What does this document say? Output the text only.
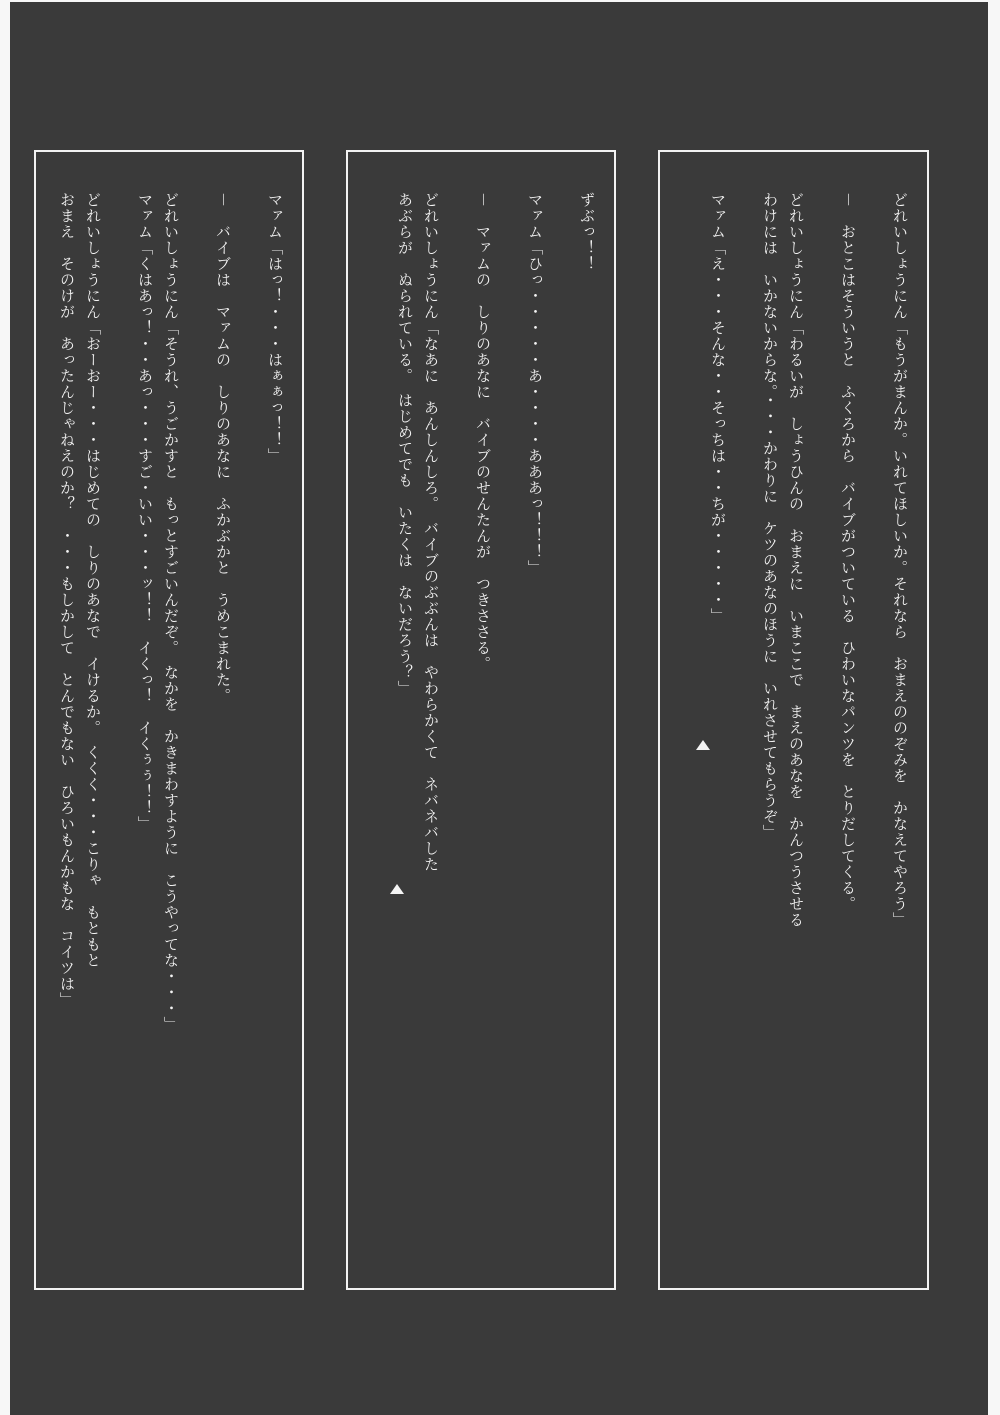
どれいしょうにん「もうがまんか。いれてほしいか。それなら　おまえののぞみを　かなえてやろう」
－　おとこはそういうと　ふくろから　バイブがついている　ひわいなパンツを　とりだしてくる。
どれいしょうにん「わるいが　しょうひんの　おまえに　いまここで　まえのあなを　かんつうさせる
わけには　いかないからな。・・・かわりに　ケツのあなのほうに　いれさせてもらうぞ」
マァム「え・・・そんな・・そっちは・・ちが・・・・・」
ずぶっ！！
マァム「ひっ・・・・・あ・・・・あああっ！！！」
－　マァムの　しりのあなに　バイブのせんたんが　つきささる。
どれいしょうにん「なあに　あんしんしろ。　バイブのぶぶんは　やわらかくて　ネバネバした
あぶらが　ぬられている。　はじめてでも　いたくは　ないだろう？」
マァム「はっ！・・・はぁぁっ！！」
－　バイブは　マァムの　しりのあなに　ふかぶかと　うめこまれた。
どれいしょうにん「そうれ、うごかすと　もっとすごいんだぞ。　なかを　かきまわすように　こうやってな・・・」
マァム「くはあっ！・・あっ・・・すご・いい・・・ッ！！　イくっ！　イくぅぅ！！」
どれいしょうにん「おーおー・・・はじめての　しりのあなで　イけるか。　くくく・・・こりゃ　もともと
おまえ　そのけが　あったんじゃねえのか？　・・・もしかして　とんでもない　ひろいもんかもな　コイツは」
